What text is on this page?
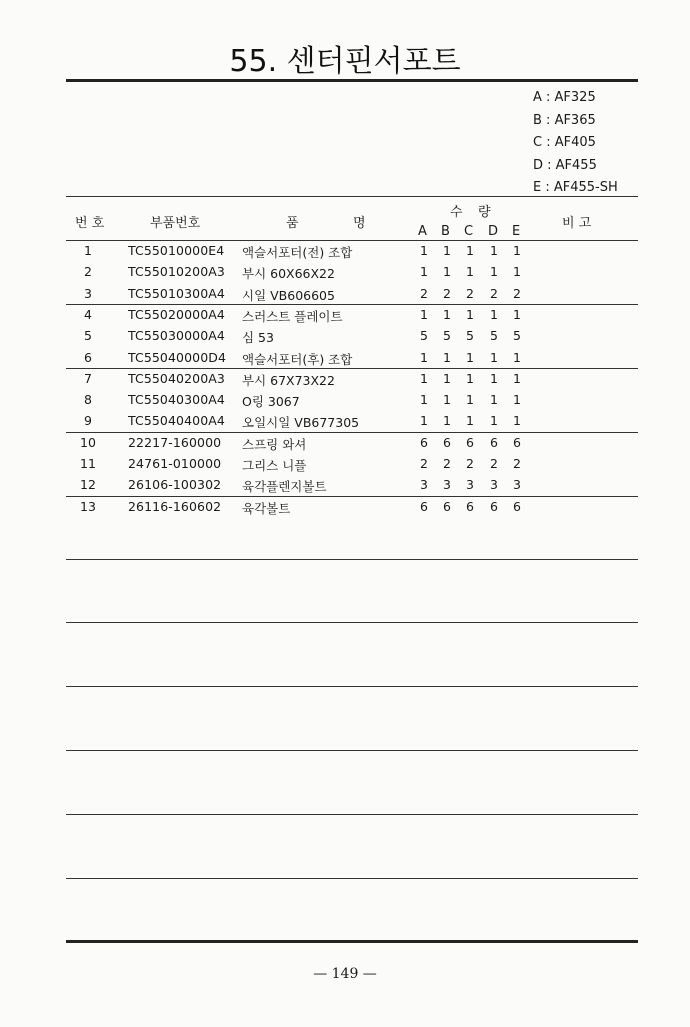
55. 센터핀서포트
A : AF325
B : AF365
C : AF405
D : AF455
E : AF455-SH
번 호	부품번호	품	명
수 량
A B C D E
비 고
1	TC55010000E4 액슬서포터(전) 조합	1 1 1 1 1
2	TC55010200A3 부시 60X66X22	1 1 1 1 1
3	TC55010300A4 시일 VB606605	2 2 2 2 2
4	TC55020000A4 스러스트 플레이트	1 1 1 1 1
5	TC55030000A4 심 53	5 5 5 5 5
6	TC55040000D4 액슬서포터(후) 조합	1 1 1 1 1
7	TC55040200A3 부시 67X73X22	1 1 1 1 1
8	TC55040300A4 O링 3067	1 1 1 1 1
9	TC55040400A4 오일시일 VB677305	1 1 1 1 1
10	22217-160000 스프링 와셔	6 6 6 6 6
11	24761-010000 그리스 니플	2 2 2 2 2
12	26106-100302 육각플렌지볼트	3 3 3 3 3
13	26116-160602 육각볼트	6 6 6 6 6
— 149 —
